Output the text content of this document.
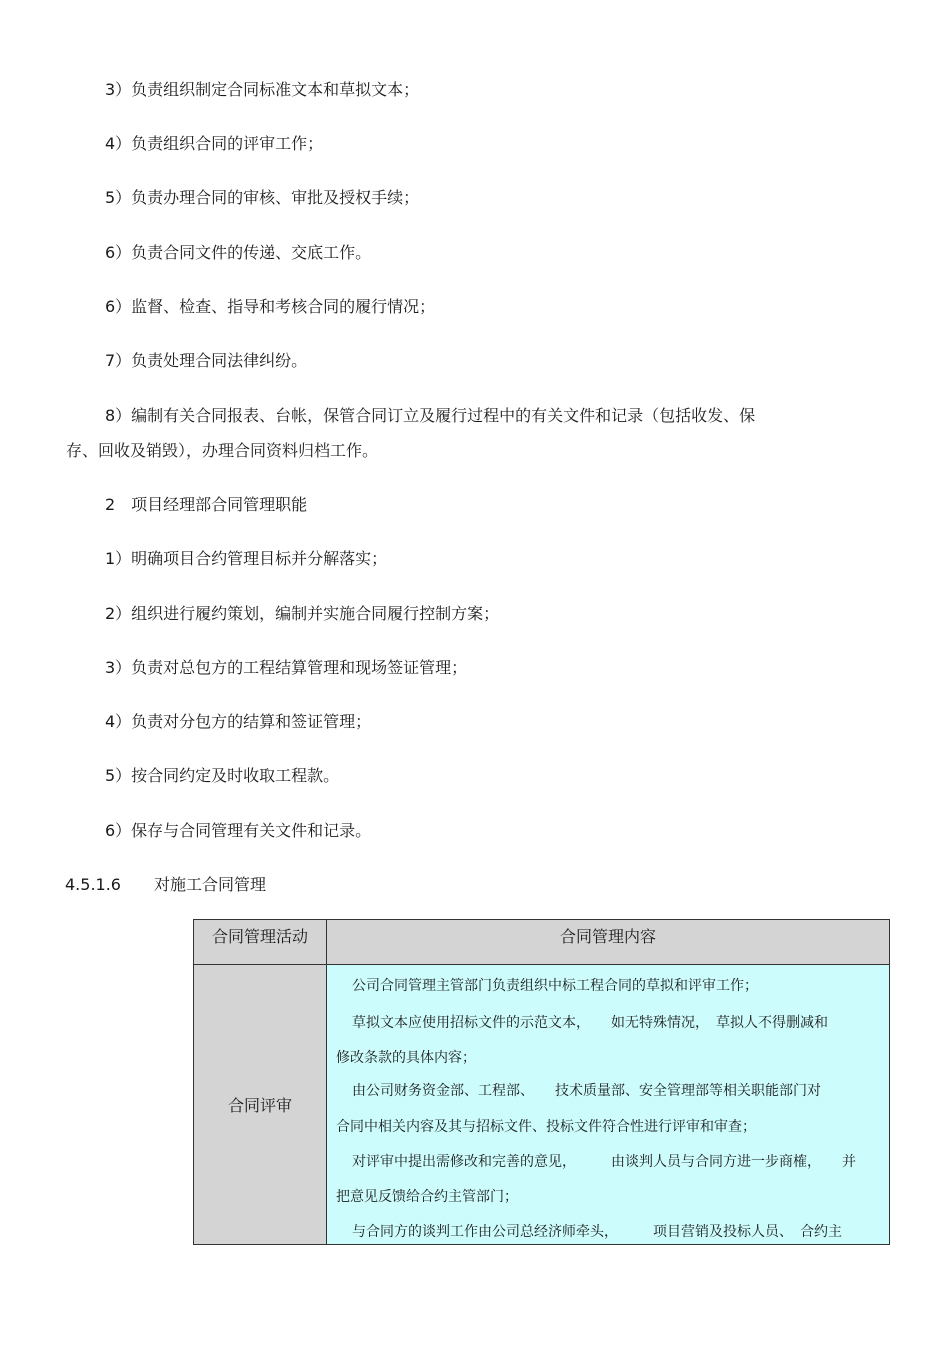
3）负责组织制定合同标准文本和草拟文本；
4）负责组织合同的评审工作；
5）负责办理合同的审核、审批及授权手续；
6）负责合同文件的传递、交底工作。
6）监督、检查、指导和考核合同的履行情况；
7）负责处理合同法律纠纷。
8）编制有关合同报表、台帐，保管合同订立及履行过程中的有关文件和记录（包括收发、保
存、回收及销毁），办理合同资料归档工作。
2　项目经理部合同管理职能
1）明确项目合约管理目标并分解落实；
2）组织进行履约策划，编制并实施合同履行控制方案；
3）负责对总包方的工程结算管理和现场签证管理；
4）负责对分包方的结算和签证管理；
5）按合同约定及时收取工程款。
6）保存与合同管理有关文件和记录。
4.5.1.6 对施工合同管理
合同管理活动	合同管理内容
合同评审
公司合同管理主管部门负责组织中标工程合同的草拟和评审工作；
草拟文本应使用招标文件的示范文本，　　如无特殊情况，　草拟人不得删减和
修改条款的具体内容；
由公司财务资金部、工程部、　　技术质量部、安全管理部等相关职能部门对
合同中相关内容及其与招标文件、投标文件符合性进行评审和审查；
对评审中提出需修改和完善的意见，　　　由谈判人员与合同方进一步商榷，　　并
把意见反馈给合约主管部门；
与合同方的谈判工作由公司总经济师牵头，　　　项目营销及投标人员、　合约主
